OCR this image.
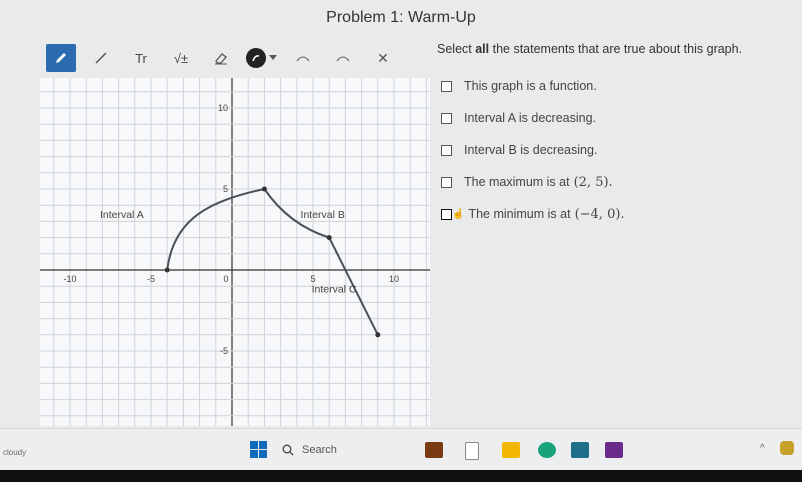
Problem 1: Warm-Up
Tr	√±	✕
-10	-5	0	5	10
10
5
-5
Interval A	Interval B
Interval C
Select all the statements that are true about this graph.
This graph is a function.
Interval A is decreasing.
Interval B is decreasing.
The maximum is at (2, 5).
☝ The minimum is at (−4, 0).
cloudy	Search	^
